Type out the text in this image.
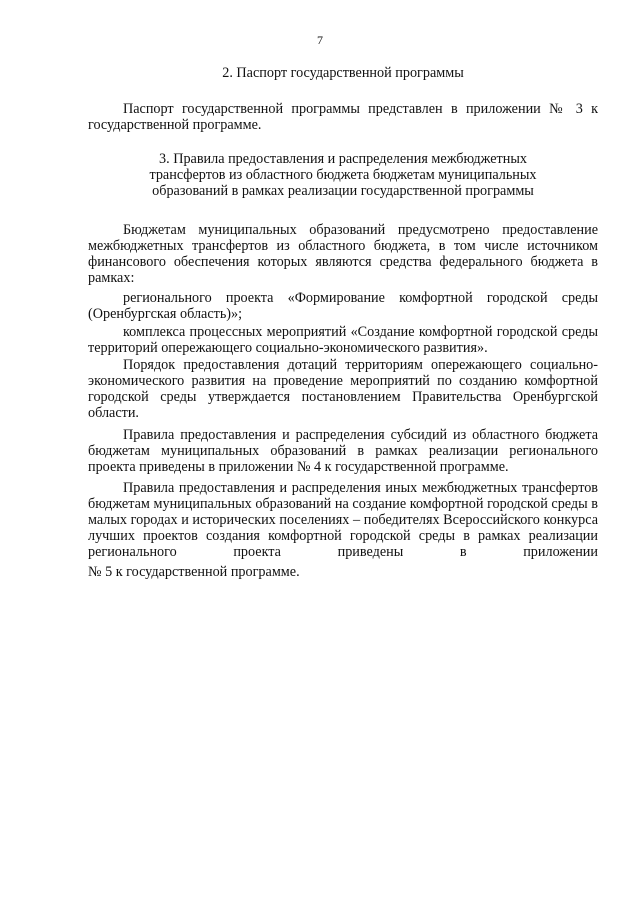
7
2. Паспорт государственной программы

Паспорт государственной программы представлен в приложении № 3 к государственной программе.

3. Правила предоставления и распределения межбюджетных
трансфертов из областного бюджета бюджетам муниципальных
образований в рамках реализации государственной программы

Бюджетам муниципальных образований предусмотрено предоставление межбюджетных трансфертов из областного бюджета, в том числе источником финансового обеспечения которых являются средства федерального бюджета в рамках:

регионального проекта «Формирование комфортной городской среды (Оренбургская область)»;

комплекса процессных мероприятий «Создание комфортной городской среды территорий опережающего социально-экономического развития».

Порядок предоставления дотаций территориям опережающего социально-экономического развития на проведение мероприятий по созданию комфортной городской среды утверждается постановлением Правительства Оренбургской области.

Правила предоставления и распределения субсидий из областного бюджета бюджетам муниципальных образований в рамках реализации регионального проекта приведены в приложении № 4 к государственной программе.

Правила предоставления и распределения иных межбюджетных трансфертов бюджетам муниципальных образований на создание комфортной городской среды в малых городах и исторических поселениях – победителях Всероссийского конкурса лучших проектов создания комфортной городской среды в рамках реализации регионального проекта приведены в приложении

№ 5 к государственной программе.
